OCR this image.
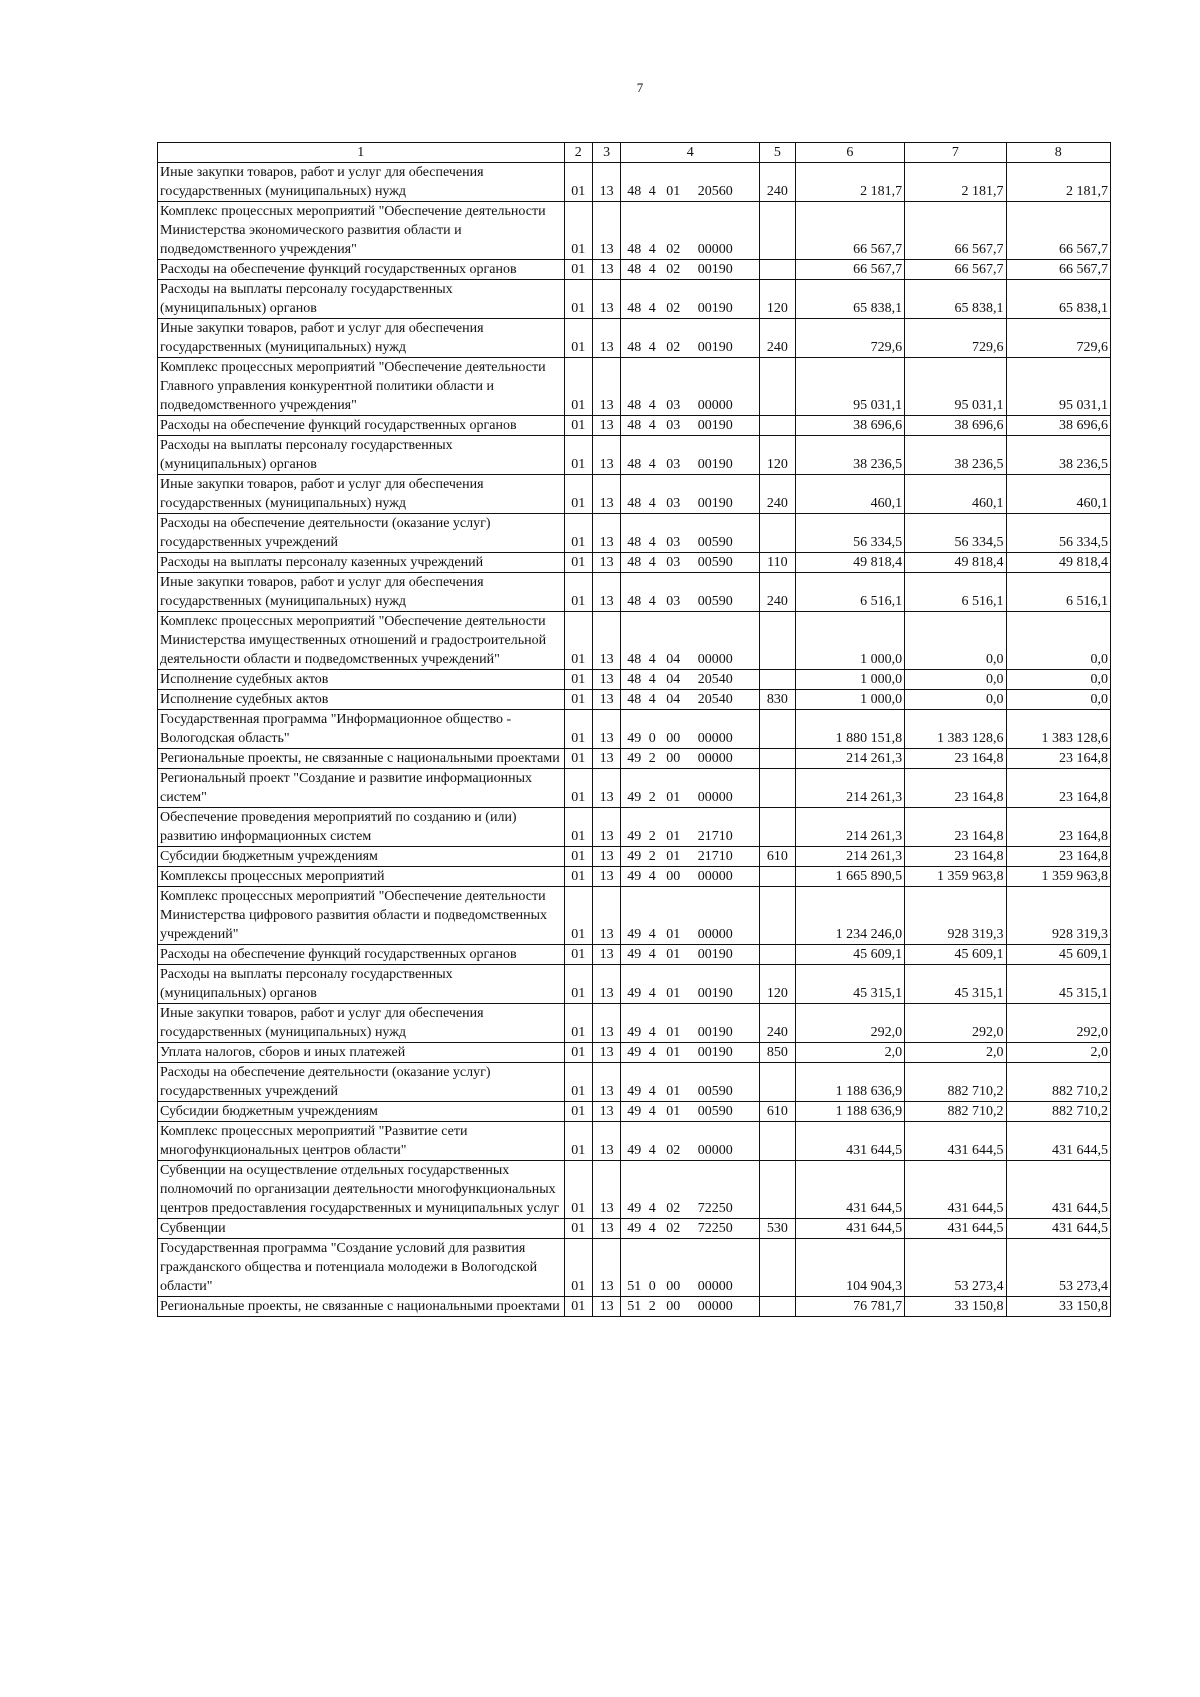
7
1	2	3	4	5	6	7	8
Иные закупки товаров, работ и услуг для обеспечения государственных (муниципальных) нужд	01	13	48 4 01 20560	240	2 181,7	2 181,7	2 181,7
Комплекс процессных мероприятий "Обеспечение деятельности Министерства экономического развития области и подведомственного учреждения"	01	13	48 4 02 00000		66 567,7	66 567,7	66 567,7
Расходы на обеспечение функций государственных органов	01	13	48 4 02 00190		66 567,7	66 567,7	66 567,7
Расходы на выплаты персоналу государственных (муниципальных) органов	01	13	48 4 02 00190	120	65 838,1	65 838,1	65 838,1
Иные закупки товаров, работ и услуг для обеспечения государственных (муниципальных) нужд	01	13	48 4 02 00190	240	729,6	729,6	729,6
Комплекс процессных мероприятий "Обеспечение деятельности Главного управления конкурентной политики области и подведомственного учреждения"	01	13	48 4 03 00000		95 031,1	95 031,1	95 031,1
Расходы на обеспечение функций государственных органов	01	13	48 4 03 00190		38 696,6	38 696,6	38 696,6
Расходы на выплаты персоналу государственных (муниципальных) органов	01	13	48 4 03 00190	120	38 236,5	38 236,5	38 236,5
Иные закупки товаров, работ и услуг для обеспечения государственных (муниципальных) нужд	01	13	48 4 03 00190	240	460,1	460,1	460,1
Расходы на обеспечение деятельности (оказание услуг) государственных учреждений	01	13	48 4 03 00590		56 334,5	56 334,5	56 334,5
Расходы на выплаты персоналу казенных учреждений	01	13	48 4 03 00590	110	49 818,4	49 818,4	49 818,4
Иные закупки товаров, работ и услуг для обеспечения государственных (муниципальных) нужд	01	13	48 4 03 00590	240	6 516,1	6 516,1	6 516,1
Комплекс процессных мероприятий "Обеспечение деятельности Министерства имущественных отношений и градостроительной деятельности области и подведомственных учреждений"	01	13	48 4 04 00000		1 000,0	0,0	0,0
Исполнение судебных актов	01	13	48 4 04 20540		1 000,0	0,0	0,0
Исполнение судебных актов	01	13	48 4 04 20540	830	1 000,0	0,0	0,0
Государственная программа "Информационное общество - Вологодская область"	01	13	49 0 00 00000		1 880 151,8	1 383 128,6	1 383 128,6
Региональные проекты, не связанные с национальными проектами	01	13	49 2 00 00000		214 261,3	23 164,8	23 164,8
Региональный проект "Создание и развитие информационных систем"	01	13	49 2 01 00000		214 261,3	23 164,8	23 164,8
Обеспечение проведения мероприятий по созданию и (или) развитию информационных систем	01	13	49 2 01 21710		214 261,3	23 164,8	23 164,8
Субсидии бюджетным учреждениям	01	13	49 2 01 21710	610	214 261,3	23 164,8	23 164,8
Комплексы процессных мероприятий	01	13	49 4 00 00000		1 665 890,5	1 359 963,8	1 359 963,8
Комплекс процессных мероприятий "Обеспечение деятельности Министерства цифрового развития области и подведомственных учреждений"	01	13	49 4 01 00000		1 234 246,0	928 319,3	928 319,3
Расходы на обеспечение функций государственных органов	01	13	49 4 01 00190		45 609,1	45 609,1	45 609,1
Расходы на выплаты персоналу государственных (муниципальных) органов	01	13	49 4 01 00190	120	45 315,1	45 315,1	45 315,1
Иные закупки товаров, работ и услуг для обеспечения государственных (муниципальных) нужд	01	13	49 4 01 00190	240	292,0	292,0	292,0
Уплата налогов, сборов и иных платежей	01	13	49 4 01 00190	850	2,0	2,0	2,0
Расходы на обеспечение деятельности (оказание услуг) государственных учреждений	01	13	49 4 01 00590		1 188 636,9	882 710,2	882 710,2
Субсидии бюджетным учреждениям	01	13	49 4 01 00590	610	1 188 636,9	882 710,2	882 710,2
Комплекс процессных мероприятий "Развитие сети многофункциональных центров области"	01	13	49 4 02 00000		431 644,5	431 644,5	431 644,5
Субвенции на осуществление отдельных государственных полномочий по организации деятельности многофункциональных центров предоставления государственных и муниципальных услуг	01	13	49 4 02 72250		431 644,5	431 644,5	431 644,5
Субвенции	01	13	49 4 02 72250	530	431 644,5	431 644,5	431 644,5
Государственная программа "Создание условий для развития гражданского общества и потенциала молодежи в Вологодской области"	01	13	51 0 00 00000		104 904,3	53 273,4	53 273,4
Региональные проекты, не связанные с национальными проектами	01	13	51 2 00 00000		76 781,7	33 150,8	33 150,8
